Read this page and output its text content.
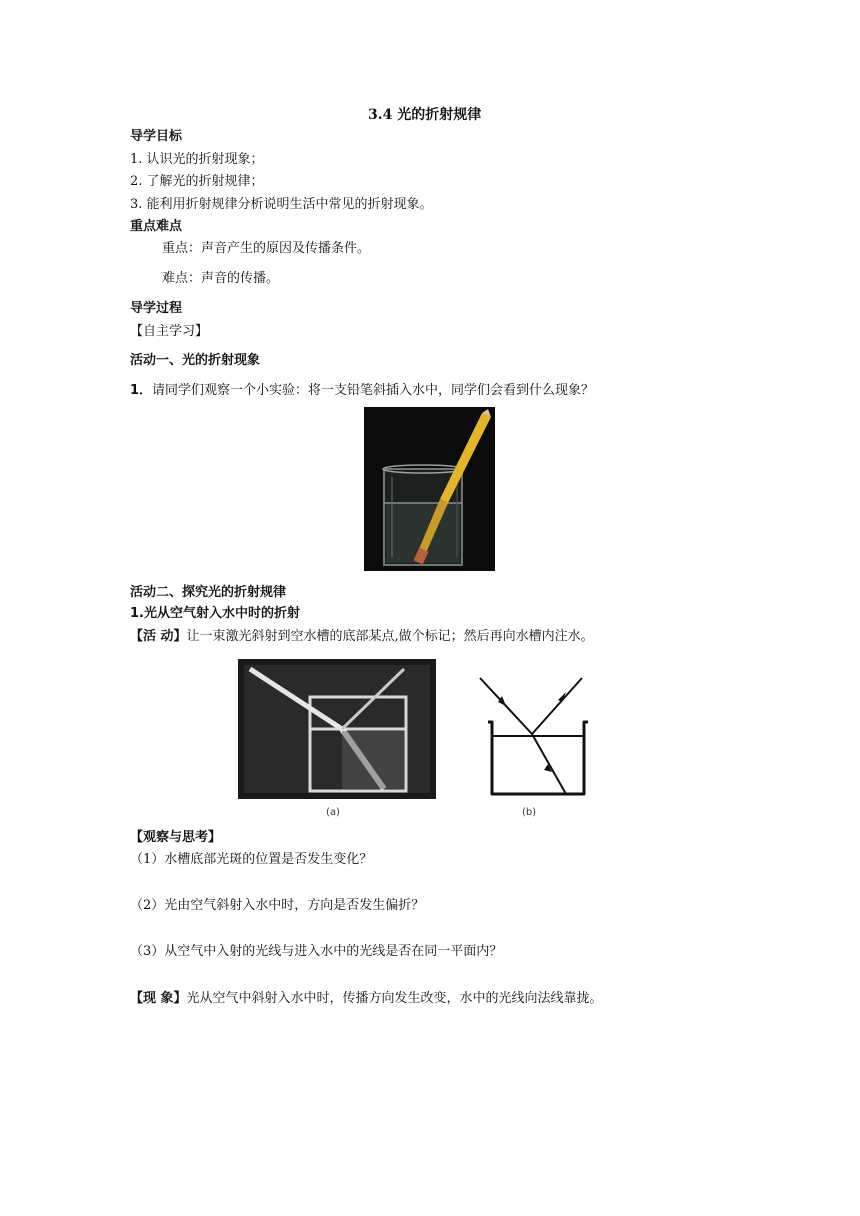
3.4 光的折射规律
导学目标
1. 认识光的折射现象；
2. 了解光的折射规律；
3. 能利用折射规律分析说明生活中常见的折射现象。
重点难点
重点：声音产生的原因及传播条件。
难点：声音的传播。
导学过程
【自主学习】
活动一、光的折射现象
1．请同学们观察一个小实验：将一支铅笔斜插入水中，同学们会看到什么现象？
活动二、探究光的折射规律
1.光从空气射入水中时的折射
【活 动】让一束激光斜射到空水槽的底部某点,做个标记；然后再向水槽内注水。
(a)	(b)
【观察与思考】
（1）水槽底部光斑的位置是否发生变化？
（2）光由空气斜射入水中时，方向是否发生偏折？
（3）从空气中入射的光线与进入水中的光线是否在同一平面内？
【现 象】光从空气中斜射入水中时，传播方向发生改变，水中的光线向法线靠拢。
